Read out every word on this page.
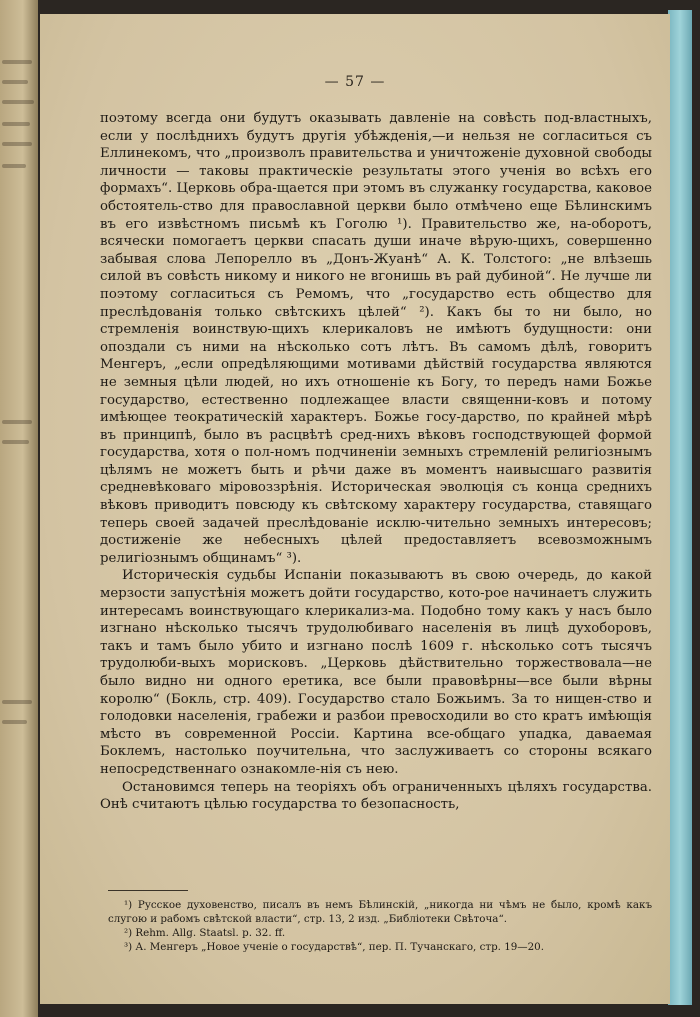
— 57 —

поэтому всегда они будутъ оказывать давленіе на совѣсть под-властныхъ, если у послѣднихъ будутъ другія убѣжденія,—и нельзя не согласиться съ Еллинекомъ, что „произволъ правительства и уничтоженіе духовной свободы личности — таковы практическіе результаты этого ученія во всѣхъ его формахъ“. Церковь обра-щается при этомъ въ служанку государства, каковое обстоятель-ство для православной церкви было отмѣчено еще Бѣлинскимъ въ его извѣстномъ письмѣ къ Гоголю ¹). Правительство же, на-оборотъ, всячески помогаетъ церкви спасать души иначе вѣрую-щихъ, совершенно забывая слова Лепорелло въ „Донъ-Жуанѣ“ А. К. Толстого: „не влѣзешь силой въ совѣсть никому и никого не вгонишь въ рай дубиной“. Не лучше ли поэтому согласиться съ Ремомъ, что „государство есть общество для преслѣдованія только свѣтскихъ цѣлей“ ²). Какъ бы то ни было, но стремленія воинствую-щихъ клерикаловъ не имѣютъ будущности: они опоздали съ ними на нѣсколько сотъ лѣтъ. Въ самомъ дѣлѣ, говоритъ Менгеръ, „если опредѣляющими мотивами дѣйствій государства являются не земныя цѣли людей, но ихъ отношеніе къ Богу, то передъ нами Божье государство, естественно подлежащее власти священни-ковъ и потому имѣющее теократическій характеръ. Божье госу-дарство, по крайней мѣрѣ въ принципѣ, было въ расцвѣтѣ сред-нихъ вѣковъ господствующей формой государства, хотя о пол-номъ подчиненіи земныхъ стремленій религіознымъ цѣлямъ не можетъ быть и рѣчи даже въ моментъ наивысшаго развитія средневѣковаго міровоззрѣнія. Историческая эволюція съ конца среднихъ вѣковъ приводитъ повсюду къ свѣтскому характеру государства, ставящаго теперь своей задачей преслѣдованіе исклю-чительно земныхъ интересовъ; достиженіе же небесныхъ цѣлей предоставляетъ всевозможнымъ религіознымъ общинамъ“ ³).

Историческія судьбы Испаніи показываютъ въ свою очередь, до какой мерзости запустѣнія можетъ дойти государство, кото-рое начинаетъ служить интересамъ воинствующаго клерикализ-ма. Подобно тому какъ у насъ было изгнано нѣсколько тысячъ трудолюбиваго населенія въ лицѣ духоборовъ, такъ и тамъ было убито и изгнано послѣ 1609 г. нѣсколько сотъ тысячъ трудолюби-выхъ морисковъ. „Церковь дѣйствительно торжествовала—не было видно ни одного еретика, все были правовѣрны—все были вѣрны королю“ (Бокль, стр. 409). Государство стало Божьимъ. За то нищен-ство и голодовки населенія, грабежи и разбои превосходили во сто кратъ имѣющія мѣсто въ современной Россіи. Картина все-общаго упадка, даваемая Боклемъ, настолько поучительна, что заслуживаетъ со стороны всякаго непосредственнаго ознакомле-нія съ нею.

Остановимся теперь на теоріяхъ объ ограниченныхъ цѣляхъ государства. Онѣ считаютъ цѣлью государства то безопасность,

¹) Русское духовенство, писалъ въ немъ Бѣлинскій, „никогда ни чѣмъ не было, кромѣ какъ слугою и рабомъ свѣтской власти“, стр. 13, 2 изд. „Библіотеки Свѣточа“.

²) Rehm. Allg. Staatsl. p. 32. ff.

³) А. Менгеръ „Новое ученіе о государствѣ“, пер. П. Тучанскаго, стр. 19—20.
